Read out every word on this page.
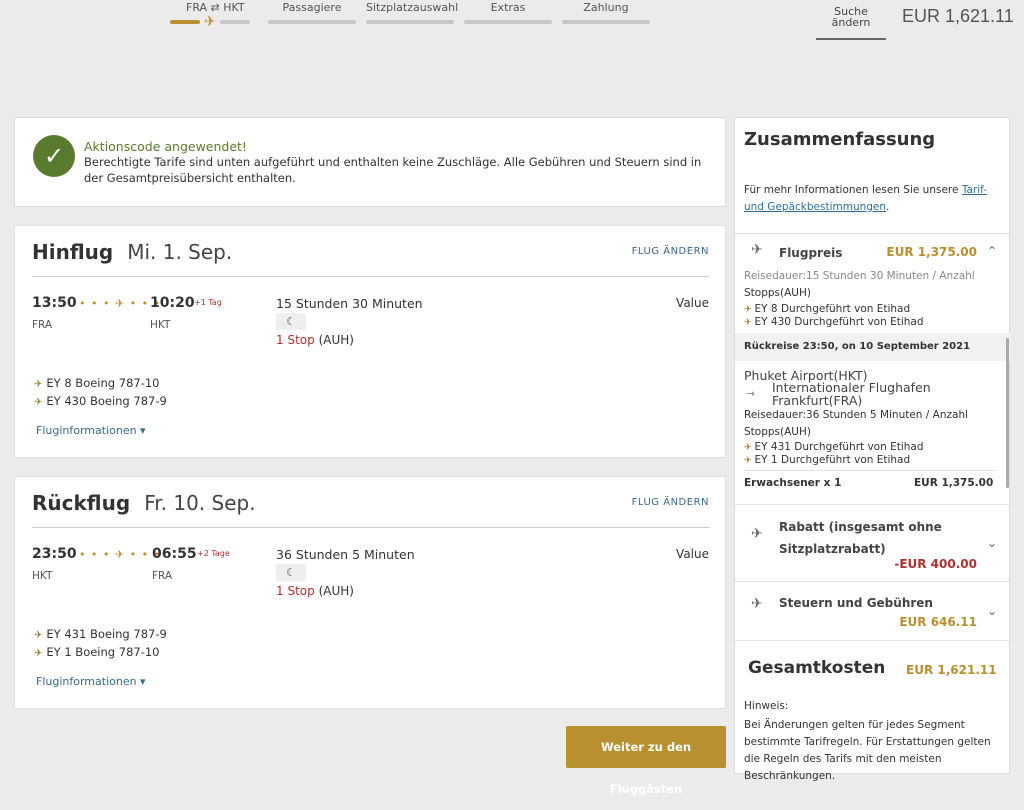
FRA ⇄ HKT
✈
Passagiere	Sitzplatzauswahl	Extras	Zahlung	Suche ändern	EUR 1,621.11
✓	Aktionscode angewendet!
Berechtigte Tarife sind unten aufgeführt und enthalten keine Zuschläge. Alle Gebühren und Steuern sind in der Gesamtpreisübersicht enthalten.
Hinflug Mi. 1. Sep.	FLUG ÄNDERN
13:50
FRA
• • • ✈ • • •
10:20 +1 Tag
HKT
15 Stunden 30 Minuten
☾
1 Stop (AUH)
Value
✈ EY 8 Boeing 787-10
✈ EY 430 Boeing 787-9
Fluginformationen ▾
Rückflug Fr. 10. Sep.	FLUG ÄNDERN
23:50
HKT
• • • ✈ • • •
06:55 +2 Tage
FRA
36 Stunden 5 Minuten
☾
1 Stop (AUH)
Value
✈ EY 431 Boeing 787-9
✈ EY 1 Boeing 787-10
Fluginformationen ▾
Zusammenfassung
Für mehr Informationen lesen Sie unsere Tarif- und Gepäckbestimmungen.
✈ Flugpreis	EUR 1,375.00 ⌃
Reisedauer:15 Stunden 30 Minuten / Anzahl
Stopps(AUH)
✈ EY 8 Durchgeführt von Etihad
✈ EY 430 Durchgeführt von Etihad
Rückreise 23:50, on 10 September 2021
Phuket Airport(HKT)
→ Internationaler Flughafen Frankfurt(FRA)
Reisedauer:36 Stunden 5 Minuten / Anzahl
Stopps(AUH)
✈ EY 431 Durchgeführt von Etihad
✈ EY 1 Durchgeführt von Etihad
Erwachsener x 1	EUR 1,375.00
✈ Rabatt (insgesamt ohne Sitzplatzrabatt)
-EUR 400.00
⌄
✈ Steuern und Gebühren
EUR 646.11
⌄
Gesamtkosten EUR 1,621.11
Hinweis:
Bei Änderungen gelten für jedes Segment bestimmte Tarifregeln. Für Erstattungen gelten die Regeln des Tarifs mit den meisten Beschränkungen.
Weiter zu den Fluggästen
